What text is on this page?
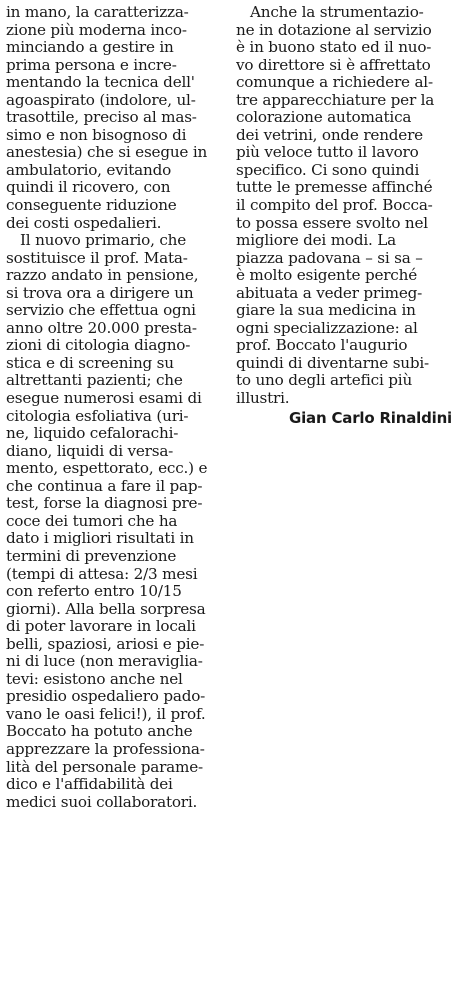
in mano, la caratterizza-
zione più moderna inco-
minciando a gestire in
prima persona e incre-
mentando la tecnica dell'
agoaspirato (indolore, ul-
trasottile, preciso al mas-
simo e non bisognoso di
anestesia) che si esegue in
ambulatorio, evitando
quindi il ricovero, con
conseguente riduzione
dei costi ospedalieri.
Il nuovo primario, che
sostituisce il prof. Mata-
razzo andato in pensione,
si trova ora a dirigere un
servizio che effettua ogni
anno oltre 20.000 presta-
zioni di citologia diagno-
stica e di screening su
altrettanti pazienti; che
esegue numerosi esami di
citologia esfoliativa (uri-
ne, liquido cefalorachi-
diano, liquidi di versa-
mento, espettorato, ecc.) e
che continua a fare il pap-
test, forse la diagnosi pre-
coce dei tumori che ha
dato i migliori risultati in
termini di prevenzione
(tempi di attesa: 2/3 mesi
con referto entro 10/15
giorni). Alla bella sorpresa
di poter lavorare in locali
belli, spaziosi, ariosi e pie-
ni di luce (non meraviglia-
tevi: esistono anche nel
presidio ospedaliero pado-
vano le oasi felici!), il prof.
Boccato ha potuto anche
apprezzare la professiona-
lità del personale parame-
dico e l'affidabilità dei
medici suoi collaboratori.
Anche la strumentazio-
ne in dotazione al servizio
è in buono stato ed il nuo-
vo direttore si è affrettato
comunque a richiedere al-
tre apparecchiature per la
colorazione automatica
dei vetrini, onde rendere
più veloce tutto il lavoro
specifico. Ci sono quindi
tutte le premesse affinché
il compito del prof. Bocca-
to possa essere svolto nel
migliore dei modi. La
piazza padovana – si sa –
è molto esigente perché
abituata a veder primeg-
giare la sua medicina in
ogni specializzazione: al
prof. Boccato l'augurio
quindi di diventarne subi-
to uno degli artefici più
illustri.
Gian Carlo Rinaldini
